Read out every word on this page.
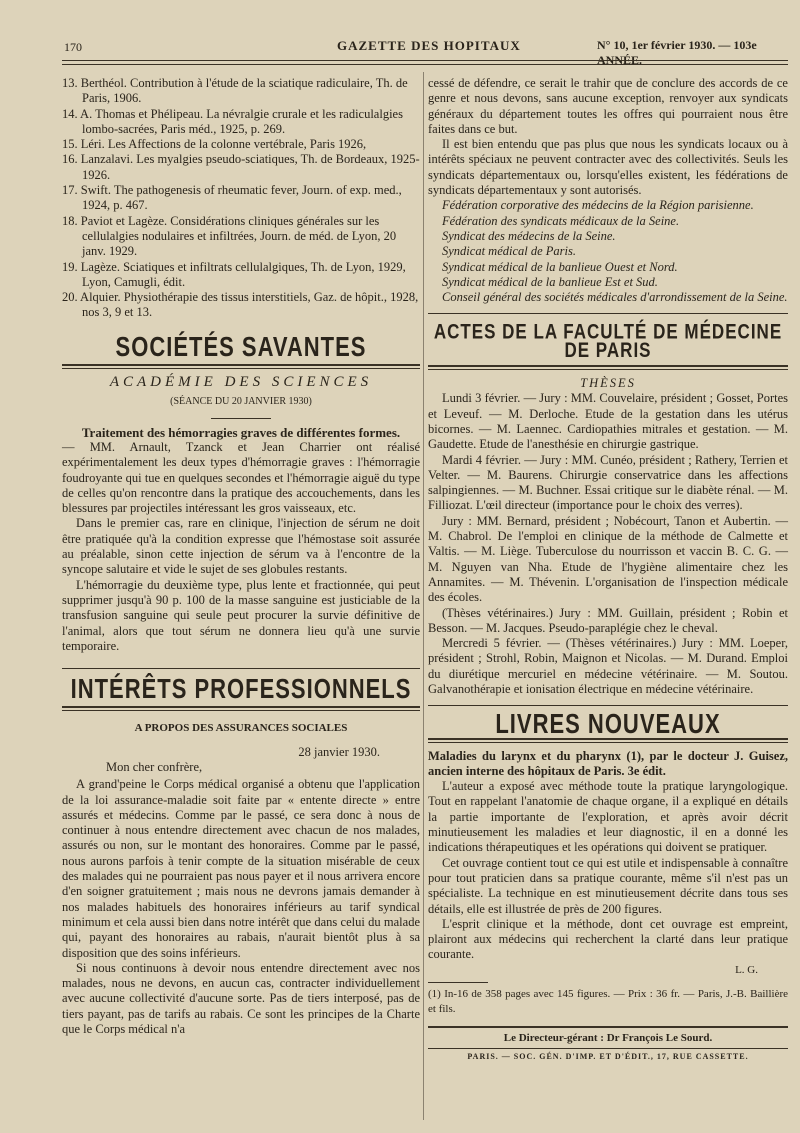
170	GAZETTE DES HOPITAUX	N° 10, 1er février 1930. — 103e ANNÉE.
13. Berthéol. Contribution à l'étude de la sciatique radiculaire, Th. de Paris, 1906.
14. A. Thomas et Phélipeau. La névralgie crurale et les radiculalgies lombo-sacrées, Paris méd., 1925, p. 269.
15. Léri. Les Affections de la colonne vertébrale, Paris 1926,
16. Lanzalavi. Les myalgies pseudo-sciatiques, Th. de Bordeaux, 1925-1926.
17. Swift. The pathogenesis of rheumatic fever, Journ. of exp. med., 1924, p. 467.
18. Paviot et Lagèze. Considérations cliniques générales sur les cellulalgies nodulaires et infiltrées, Journ. de méd. de Lyon, 20 janv. 1929.
19. Lagèze. Sciatiques et infiltrats cellulalgiques, Th. de Lyon, 1929, Lyon, Camugli, édit.
20. Alquier. Physiothérapie des tissus interstitiels, Gaz. de hôpit., 1928, nos 3, 9 et 13.
SOCIÉTÉS SAVANTES
ACADÉMIE DES SCIENCES
(SÉANCE DU 20 JANVIER 1930)

Traitement des hémorragies graves de différentes formes.

— MM. Arnault, Tzanck et Jean Charrier ont réalisé expérimentalement les deux types d'hémorragie graves : l'hémorragie foudroyante qui tue en quelques secondes et l'hémorragie aiguë du type de celles qu'on rencontre dans la pratique des accouchements, dans les blessures par projectiles intéressant les gros vaisseaux, etc.

Dans le premier cas, rare en clinique, l'injection de sérum ne doit être pratiquée qu'à la condition expresse que l'hémostase soit assurée au préalable, sinon cette injection de sérum va à l'encontre de la syncope salutaire et vide le sujet de ses globules restants.

L'hémorragie du deuxième type, plus lente et fractionnée, qui peut supprimer jusqu'à 90 p. 100 de la masse sanguine est justiciable de la transfusion sanguine qui seule peut procurer la survie définitive de l'animal, alors que tout sérum ne donnera lieu qu'à une survie temporaire.

INTÉRÊTS PROFESSIONNELS
A PROPOS DES ASSURANCES SOCIALES
28 janvier 1930.
Mon cher confrère,

A grand'peine le Corps médical organisé a obtenu que l'application de la loi assurance-maladie soit faite par « entente directe » entre assurés et médecins. Comme par le passé, ce sera donc à nous de continuer à nous entendre directement avec chacun de nos malades, assurés ou non, sur le montant des honoraires. Comme par le passé, nous aurons parfois à tenir compte de la situation misérable de ceux des malades qui ne pourraient pas nous payer et il nous arrivera encore d'en soigner gratuitement ; mais nous ne devrons jamais demander à nos malades habituels des honoraires inférieurs au tarif syndical minimum et cela aussi bien dans notre intérêt que dans celui du malade qui, payant des honoraires au rabais, n'aurait bientôt plus à sa disposition que des soins inférieurs.

Si nous continuons à devoir nous entendre directement avec nos malades, nous ne devons, en aucun cas, contracter individuellement avec aucune collectivité d'aucune sorte. Pas de tiers interposé, pas de tiers payant, pas de tarifs au rabais. Ce sont les principes de la Charte que le Corps médical n'a

cessé de défendre, ce serait le trahir que de conclure des accords de ce genre et nous devons, sans aucune exception, renvoyer aux syndicats généraux du département toutes les offres qui pourraient nous être faites dans ce but.

Il est bien entendu que pas plus que nous les syndicats locaux ou à intérêts spéciaux ne peuvent contracter avec des collectivités. Seuls les syndicats départementaux ou, lorsqu'elles existent, les fédérations de syndicats départementaux y sont autorisés.

Fédération corporative des médecins de la Région parisienne.
Fédération des syndicats médicaux de la Seine.
Syndicat des médecins de la Seine.
Syndicat médical de Paris.
Syndicat médical de la banlieue Ouest et Nord.
Syndicat médical de la banlieue Est et Sud.
Conseil général des sociétés médicales d'arrondissement de la Seine.
ACTES DE LA FACULTÉ DE MÉDECINE DE PARIS
THÈSES

Lundi 3 février. — Jury : MM. Couvelaire, président ; Gosset, Portes et Leveuf. — M. Derloche. Etude de la gestation dans les utérus bicornes. — M. Laennec. Cardiopathies mitrales et gestation. — M. Gaudette. Etude de l'anesthésie en chirurgie gastrique.

Mardi 4 février. — Jury : MM. Cunéo, président ; Rathery, Terrien et Velter. — M. Baurens. Chirurgie conservatrice dans les affections salpingiennes. — M. Buchner. Essai critique sur le diabète rénal. — M. Filliozat. L'œil directeur (importance pour le choix des verres).

Jury : MM. Bernard, président ; Nobécourt, Tanon et Aubertin. — M. Chabrol. De l'emploi en clinique de la méthode de Calmette et Valtis. — M. Liège. Tuberculose du nourrisson et vaccin B. C. G. — M. Nguyen van Nha. Etude de l'hygiène alimentaire chez les Annamites. — M. Thévenin. L'organisation de l'inspection médicale des écoles.

(Thèses vétérinaires.) Jury : MM. Guillain, président ; Robin et Besson. — M. Jacques. Pseudo-paraplégie chez le cheval.

Mercredi 5 février. — (Thèses vétérinaires.) Jury : MM. Loeper, président ; Strohl, Robin, Maignon et Nicolas. — M. Durand. Emploi du diurétique mercuriel en médecine vétérinaire. — M. Soutou. Galvanothérapie et ionisation électrique en médecine vétérinaire.

LIVRES NOUVEAUX

Maladies du larynx et du pharynx (1), par le docteur J. Guisez, ancien interne des hôpitaux de Paris. 3e édit.

L'auteur a exposé avec méthode toute la pratique laryngologique. Tout en rappelant l'anatomie de chaque organe, il a expliqué en détails la partie importante de l'exploration, et après avoir décrit minutieusement les maladies et leur diagnostic, il en a donné les indications thérapeutiques et les opérations qui doivent se pratiquer.

Cet ouvrage contient tout ce qui est utile et indispensable à connaître pour tout praticien dans sa pratique courante, même s'il n'est pas un spécialiste. La technique en est minutieusement décrite dans tous ses détails, elle est illustrée de près de 200 figures.

L'esprit clinique et la méthode, dont cet ouvrage est empreint, plairont aux médecins qui recherchent la clarté dans leur pratique courante.

L. G.
(1) In-16 de 358 pages avec 145 figures. — Prix : 36 fr. — Paris, J.-B. Baillière et fils.
Le Directeur-gérant : Dr François Le Sourd.
PARIS. — SOC. GÉN. D'IMP. ET D'ÉDIT., 17, RUE CASSETTE.
